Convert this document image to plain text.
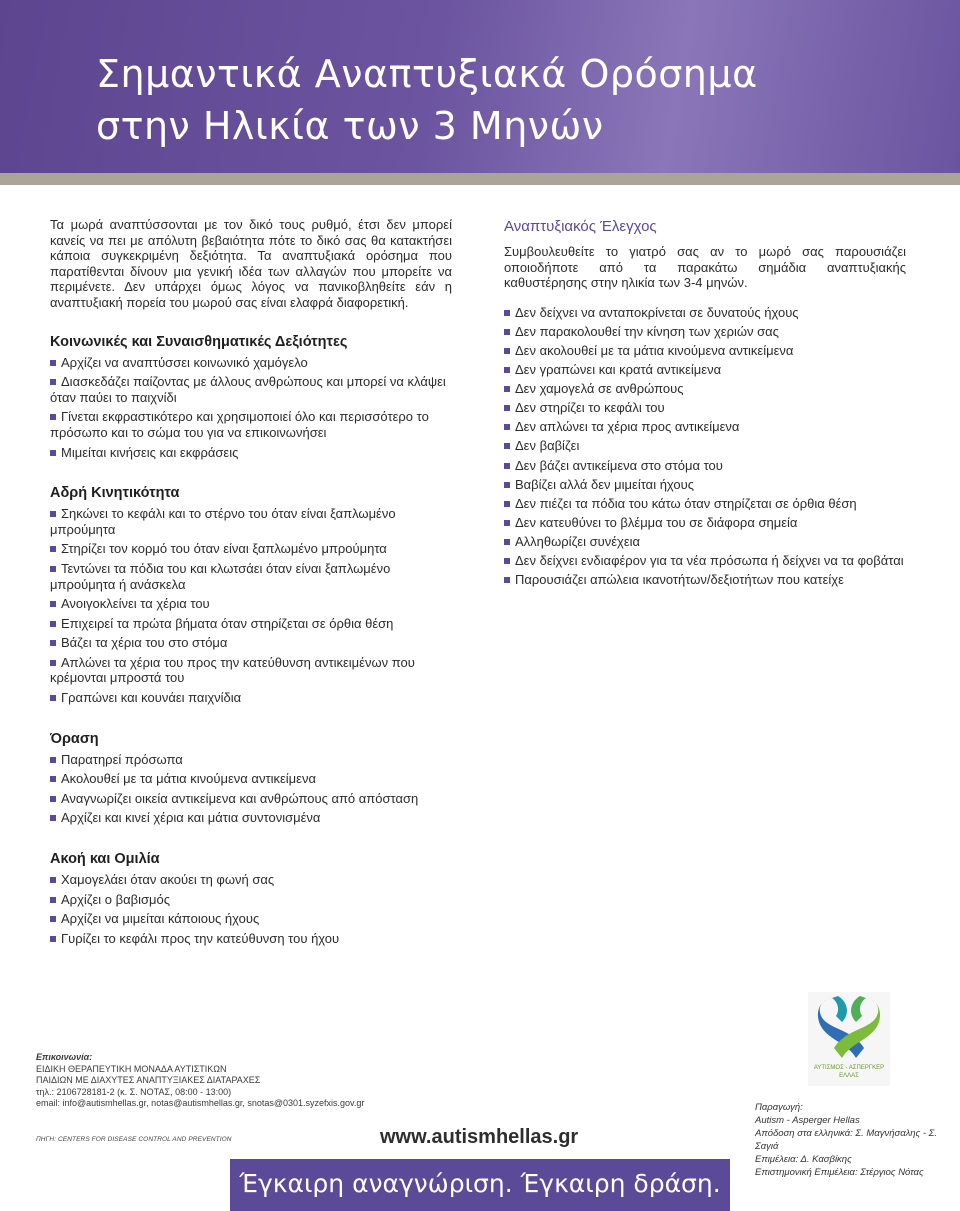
Σημαντικά Αναπτυξιακά Ορόσημα
στην Ηλικία των 3 Μηνών

Τα μωρά αναπτύσσονται με τον δικό τους ρυθμό, έτσι δεν μπορεί κανείς να πει με απόλυτη βεβαιότητα πότε το δικό σας θα κατακτήσει κάποια συγκεκριμένη δεξιότητα. Τα αναπτυξιακά ορόσημα που παρατίθενται δίνουν μια γενική ιδέα των αλλαγών που μπορείτε να περιμένετε. Δεν υπάρχει όμως λόγος να πανικοβληθείτε εάν η αναπτυξιακή πορεία του μωρού σας είναι ελαφρά διαφορετική.

Κοινωνικές και Συναισθηματικές Δεξιότητες
Αρχίζει να αναπτύσσει κοινωνικό χαμόγελο
Διασκεδάζει παίζοντας με άλλους ανθρώπους και μπορεί να κλάψει όταν παύει το παιχνίδι
Γίνεται εκφραστικότερο και χρησιμοποιεί όλο και περισσότερο το πρόσωπο και το σώμα του για να επικοινωνήσει
Μιμείται κινήσεις και εκφράσεις
Αδρή Κινητικότητα
Σηκώνει το κεφάλι και το στέρνο του όταν είναι ξαπλωμένο μπρούμητα
Στηρίζει τον κορμό του όταν είναι ξαπλωμένο μπρούμητα
Τεντώνει τα πόδια του και κλωτσάει όταν είναι ξαπλωμένο μπρούμητα ή ανάσκελα
Ανοιγοκλείνει τα χέρια του
Επιχειρεί τα πρώτα βήματα όταν στηρίζεται σε όρθια θέση
Βάζει τα χέρια του στο στόμα
Απλώνει τα χέρια του προς την κατεύθυνση αντικειμένων που κρέμονται μπροστά του
Γραπώνει και κουνάει παιχνίδια
Όραση
Παρατηρεί πρόσωπα
Ακολουθεί με τα μάτια κινούμενα αντικείμενα
Αναγνωρίζει οικεία αντικείμενα και ανθρώπους από απόσταση
Αρχίζει και κινεί χέρια και μάτια συντονισμένα
Ακοή και Ομιλία
Χαμογελάει όταν ακούει τη φωνή σας
Αρχίζει ο βαβισμός
Αρχίζει να μιμείται κάποιους ήχους
Γυρίζει το κεφάλι προς την κατεύθυνση του ήχου
Αναπτυξιακός Έλεγχος

Συμβουλευθείτε το γιατρό σας αν το μωρό σας παρουσιάζει οποιοδήποτε από τα παρακάτω σημάδια αναπτυξιακής καθυστέρησης στην ηλικία των 3-4 μηνών.

Δεν δείχνει να ανταποκρίνεται σε δυνατούς ήχους
Δεν παρακολουθεί την κίνηση των χεριών σας
Δεν ακολουθεί με τα μάτια κινούμενα αντικείμενα
Δεν γραπώνει και κρατά αντικείμενα
Δεν χαμογελά σε ανθρώπους
Δεν στηρίζει το κεφάλι του
Δεν απλώνει τα χέρια προς αντικείμενα
Δεν βαβίζει
Δεν βάζει αντικείμενα στο στόμα του
Βαβίζει αλλά δεν μιμείται ήχους
Δεν πιέζει τα πόδια του κάτω όταν στηρίζεται σε όρθια θέση
Δεν κατευθύνει το βλέμμα του σε διάφορα σημεία
Αλληθωρίζει συνέχεια
Δεν δείχνει ενδιαφέρον για τα νέα πρόσωπα ή δείχνει να τα φοβάται
Παρουσιάζει απώλεια ικανοτήτων/δεξιοτήτων που κατείχε
ΑΥΤΙΣΜΟΣ - ΑΣΠΕΡΓΚΕΡ
ΕΛΛΑΣ
Επικοινωνία:
ΕΙΔΙΚΗ ΘΕΡΑΠΕΥΤΙΚΗ ΜΟΝΑΔΑ ΑΥΤΙΣΤΙΚΩΝ
ΠΑΙΔΙΩΝ ΜΕ ΔΙΑΧΥΤΕΣ ΑΝΑΠΤΥΞΙΑΚΕΣ ΔΙΑΤΑΡΑΧΕΣ
τηλ.: 2106728181-2 (κ. Σ. ΝΟΤΑΣ, 08:00 - 13:00)
email: info@autismhellas.gr, notas@autismhellas.gr, snotas@0301.syzefxis.gov.gr
ΠΗΓΗ: CENTERS FOR DISEASE CONTROL AND PREVENTION	www.autismhellas.gr
Παραγωγή:
Autism - Asperger Hellas
Απόδοση στα ελληνικά: Σ. Μαγνήσαλης - Σ. Σαγιά
Επιμέλεια: Δ. Κασβίκης
Επιστημονική Επιμέλεια: Στέργιος Νότας
Έγκαιρη αναγνώριση. Έγκαιρη δράση.
